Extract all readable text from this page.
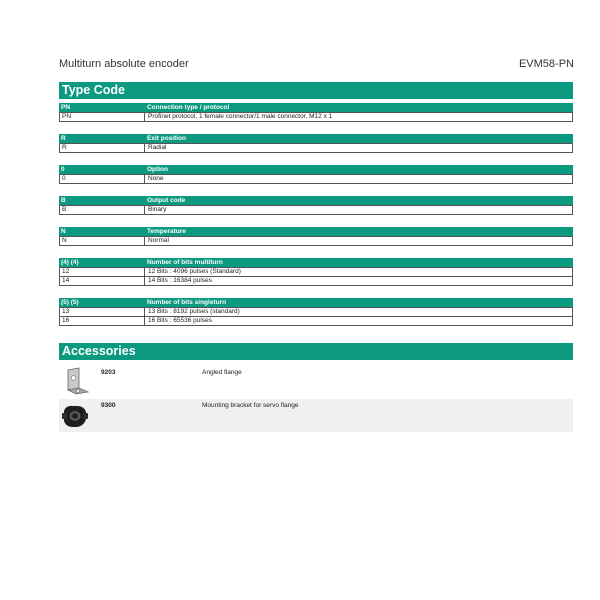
Multiturn absolute encoder	EVM58-PN
Type Code
PN	Connection type / protocol
PN	Profinet protocol, 1 female connector/1 male connector, M12 x 1
R	Exit position
R	Radial
0	Option
0	None
B	Output code
B	Binary
N	Temperature
N	Normal
(4) (4)	Number of bits multiturn
12	12 Bits : 4096 pulses (Standard)
14	14 Bits : 16384 pulses
(5) (5)	Number of bits singleturn
13	13 Bits : 8192 pulses (standard)
16	16 Bits : 65536 pulses
Accessories
9203	Angled flange
9300	Mounting bracket for servo flange
